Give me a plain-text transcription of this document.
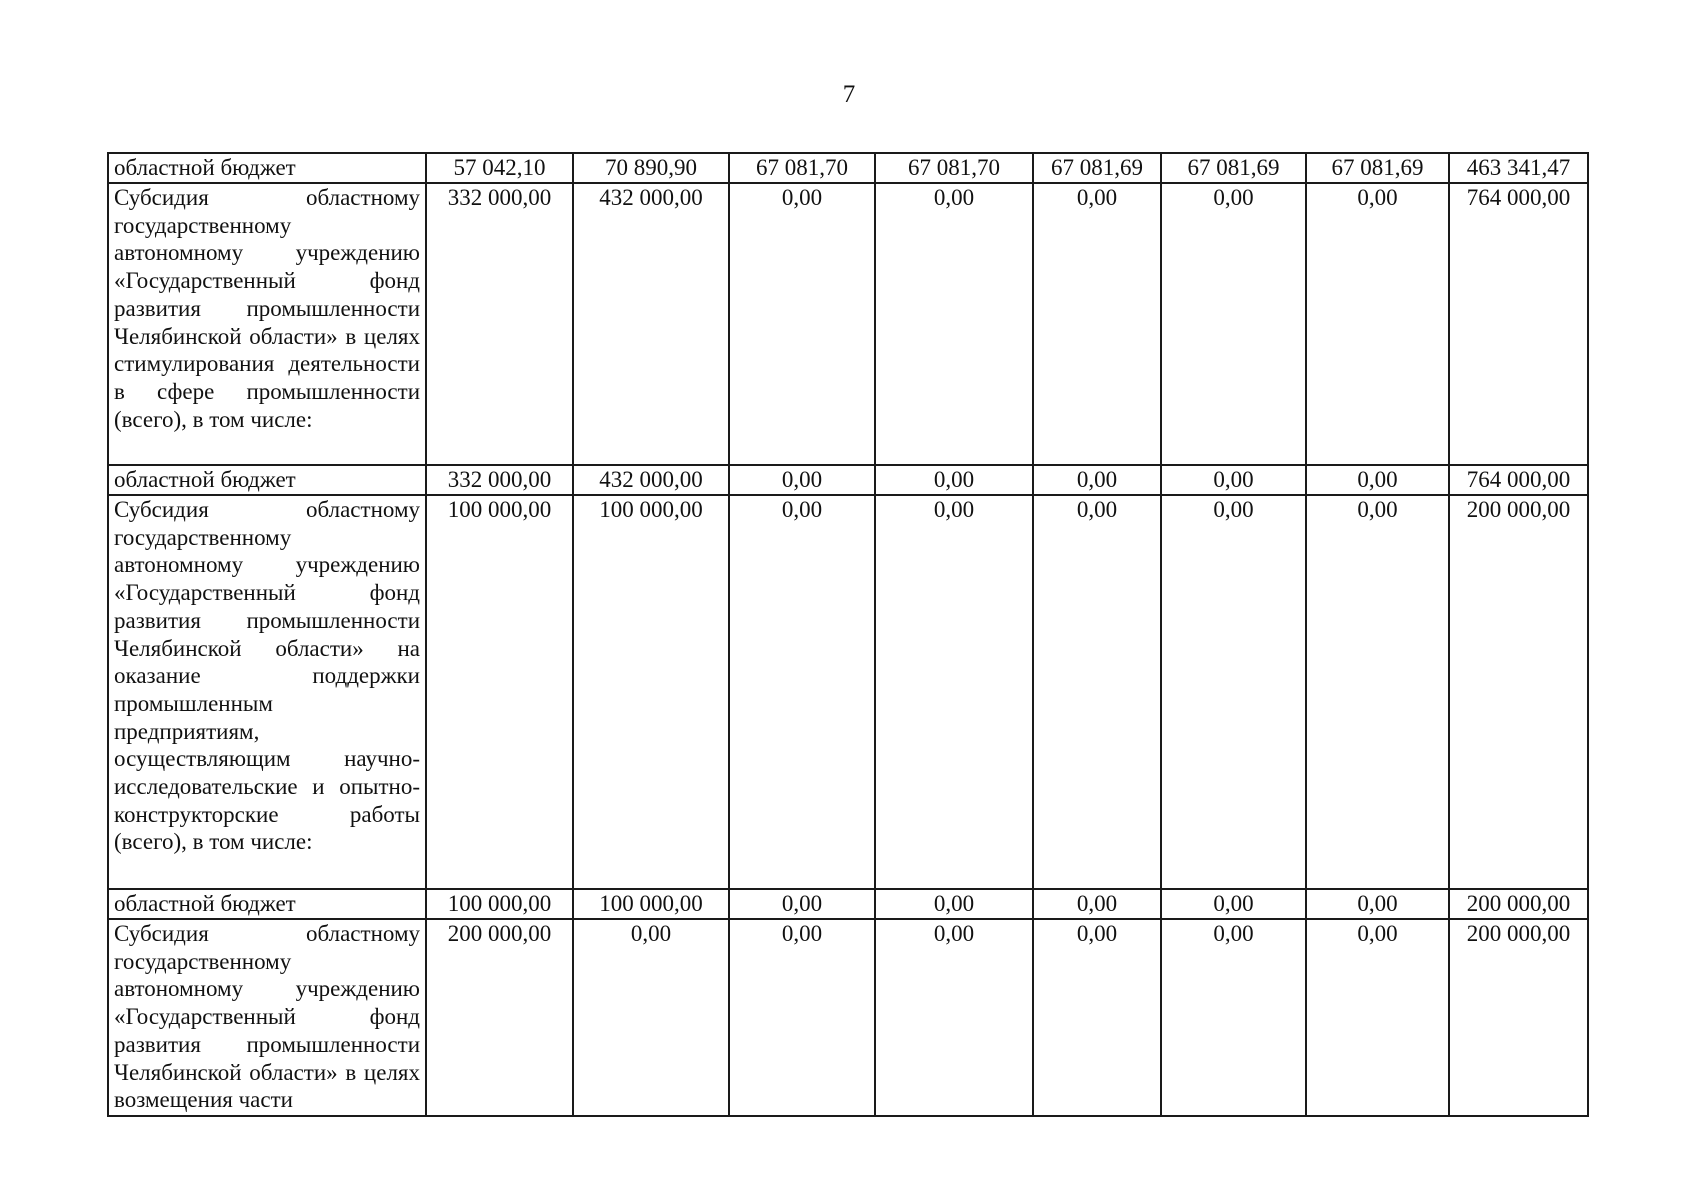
7
областной бюджет	57 042,10	70 890,90	67 081,70	67 081,70	67 081,69	67 081,69	67 081,69	463 341,47
Субсидия областному государственному автономному учреждению «Государственный фонд развития промышленности Челябинской области» в целях стимулирования деятельности в сфере промышленности (всего), в том числе:	332 000,00	432 000,00	0,00	0,00	0,00	0,00	0,00	764 000,00
областной бюджет	332 000,00	432 000,00	0,00	0,00	0,00	0,00	0,00	764 000,00
Субсидия областному государственному автономному учреждению «Государственный фонд развития промышленности Челябинской области» на оказание поддержки промышленным предприятиям, осуществляющим научно-исследовательские и опытно-конструкторские работы (всего), в том числе:	100 000,00	100 000,00	0,00	0,00	0,00	0,00	0,00	200 000,00
областной бюджет	100 000,00	100 000,00	0,00	0,00	0,00	0,00	0,00	200 000,00
Субсидия областному государственному автономному учреждению «Государственный фонд развития промышленности Челябинской области» в целях возмещения части	200 000,00	0,00	0,00	0,00	0,00	0,00	0,00	200 000,00
